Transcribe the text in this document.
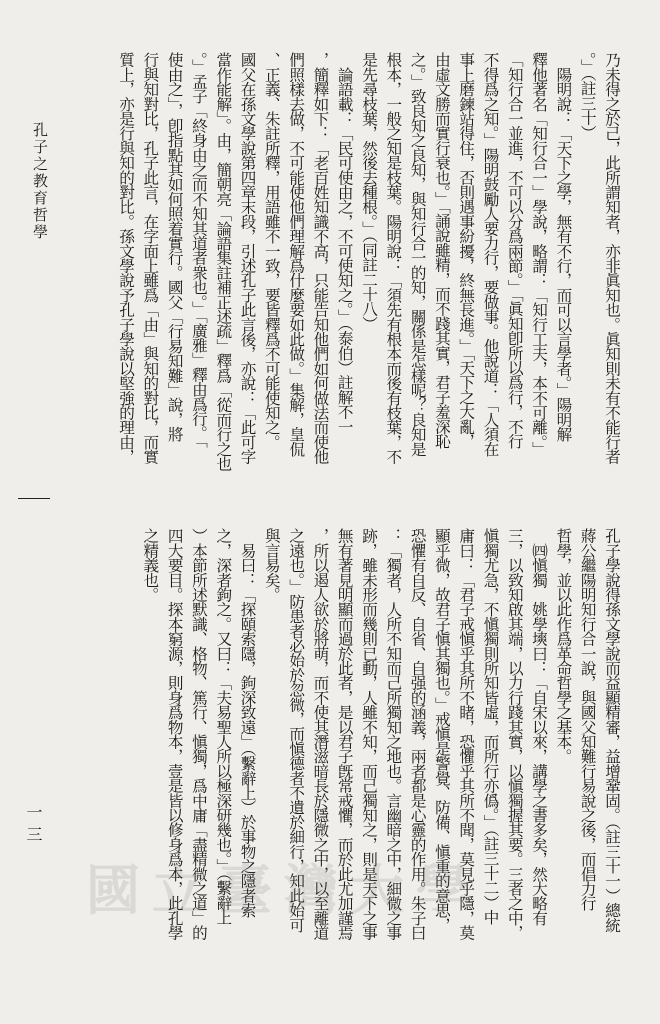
乃未得之於己，此所謂知者，亦非眞知也。眞知則未有不能行者
。」（註三十）
　陽明說：「天下之學，無有不行，而可以言學者。」陽明解
釋他著名「知行合一」學說，略謂：「知行工夫，本不可離。」
「知行合一並進，不可以分爲兩節。」「眞知卽所以爲行，不行
不得爲之知。」陽明鼓勵人要力行，要做事。他說道：「人須在
事上磨鍊站得住，否則遇事紛擾，終無長進。」「天下之大亂，
由虛文勝而實行衰也。」「誦說雖精，而不踐其實，君子羞深恥
之。」致良知之良知，與知行合一的知，關係是怎樣呢？良知是
根本，一般之知是枝葉。陽明說：「須先有根本而後有枝葉，不
是先尋枝葉，然後去種根。」（同註二十八）
　論語載：「民可使由之，不可使知之。」（泰伯）註解不一
，簡釋如下：「老百姓知識不高，只能告知他們如何做法而使他
們照樣去做，不可能使他們理解爲什麼要如此做。」集解，皇侃
、正義、朱註所釋，用語雖不一致，要皆釋爲不可能使知之。
國父在孫文學說第四章末段，引述孔子此言後，亦說：「此可字
當作能解」。由，簡朝亮「論語集註補正述疏」釋爲「從而行之也
。」孟子「終身由之而不知其道者衆也。」「廣雅」釋由爲行。「
使由之」，卽指點其如何照着實行。國父「行易知難」說，將
行與知對比，孔子此言，在字面上雖爲「由」與知的對比，而實
質上，亦是行與知的對比。孫文學說予孔子學說以堅強的理由，
孔子之教育哲學
孔子學說得孫文學說而益顯精審，益增鞏固。（註三十一）總統
蔣公繼陽明知行合一說，與國父知難行易說之後，而倡力行
哲學，並以此作爲革命哲學之基本。
　㈣愼獨　姚學塽曰：「自宋以來，講學之書多矣，然大略有
三，以致知啟其端，以力行踐其實，以愼獨握其要。三者之中，
愼獨尤急，不愼獨則所知皆虛，而所行亦僞。」（註三十二）中
庸曰：「君子戒愼乎其所不睹，恐懼乎其所不聞，莫見乎隱，莫
顯乎微，故君子愼其獨也。」戒愼是警覺、防備、愼重的意思，
恐懼有自反、自省、自强的涵義，兩者都是心靈的作用。朱子曰
：「獨者，人所不知而己所獨知之地也。言幽暗之中，細微之事
跡，雖未形而幾則已動，人雖不知，而己獨知之，則是天下之事
無有著見明顯而過於此者，是以君子旣常戒懼，而於此尤加謹焉
，所以遏人欲於將萌，而不使其潛滋暗長於隱微之中，以至離道
之遠也。」防患者必始於忽微，而愼德者不遺於細行，知此始可
與言易矣。
　易曰：「探頤索隱，鉤深致遠」（繫辭上）於事物之隱者索
之，深者鉤之。又曰：「夫易聖人所以極深研幾也。」（繫辭上
）本節所述默識、格物、篤行、愼獨，爲中庸「盡精微之道」的
四大要目。探本窮源，則身爲物本，壹是皆以修身爲本，此孔學
之精義也。
一三
國立臺灣大學
